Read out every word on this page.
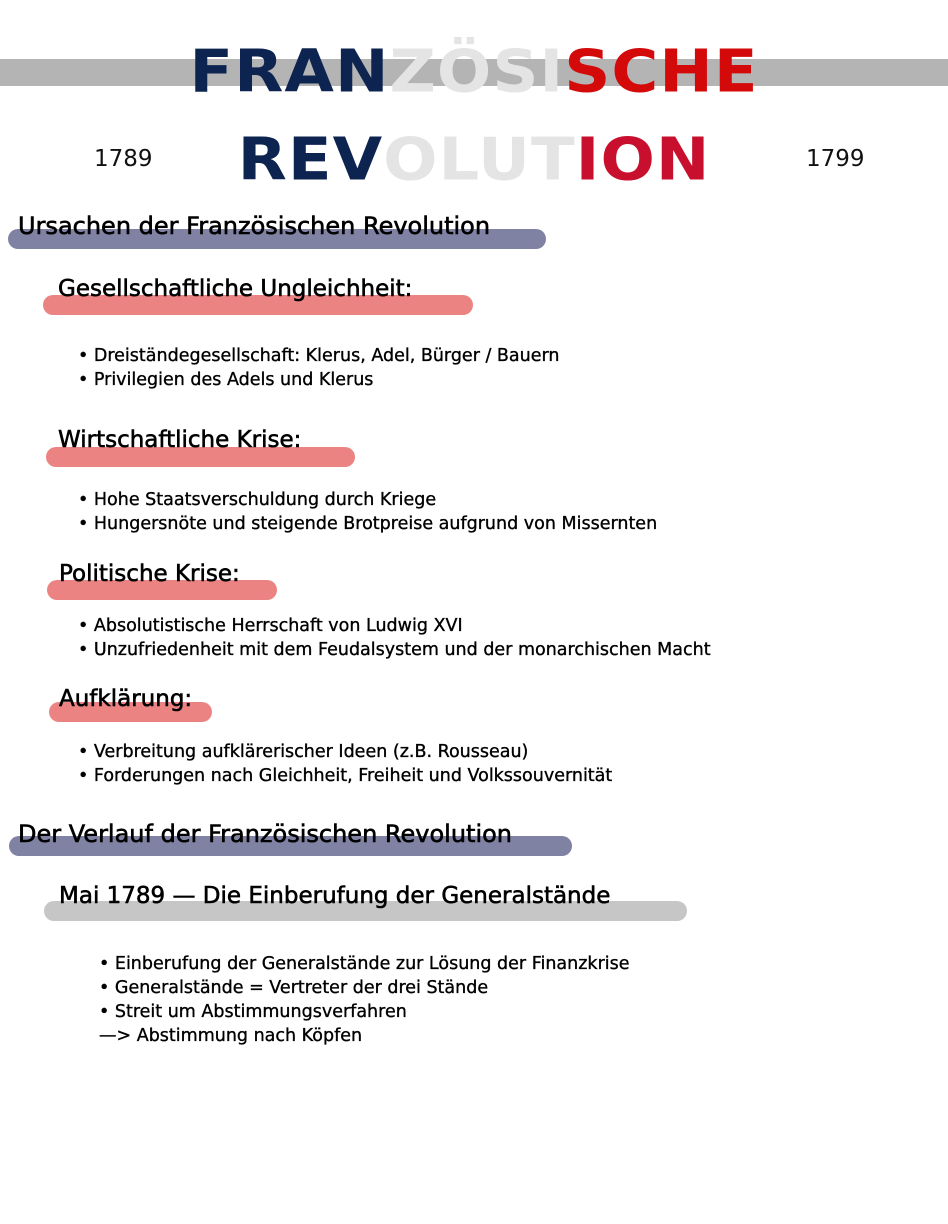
FRANZÖSISCHE
REVOLUTION
1789	1799
Ursachen der Französischen Revolution
Gesellschaftliche Ungleichheit:
• Dreiständegesellschaft: Klerus, Adel, Bürger / Bauern
• Privilegien des Adels und Klerus
Wirtschaftliche Krise:
• Hohe Staatsverschuldung durch Kriege
• Hungersnöte und steigende Brotpreise aufgrund von Missernten
Politische Krise:
• Absolutistische Herrschaft von Ludwig XVI
• Unzufriedenheit mit dem Feudalsystem und der monarchischen Macht
Aufklärung:
• Verbreitung aufklärerischer Ideen (z.B. Rousseau)
• Forderungen nach Gleichheit, Freiheit und Volkssouvernität
Der Verlauf der Französischen Revolution
Mai 1789 — Die Einberufung der Generalstände
• Einberufung der Generalstände zur Lösung der Finanzkrise
• Generalstände = Vertreter der drei Stände
• Streit um Abstimmungsverfahren
—> Abstimmung nach Köpfen
